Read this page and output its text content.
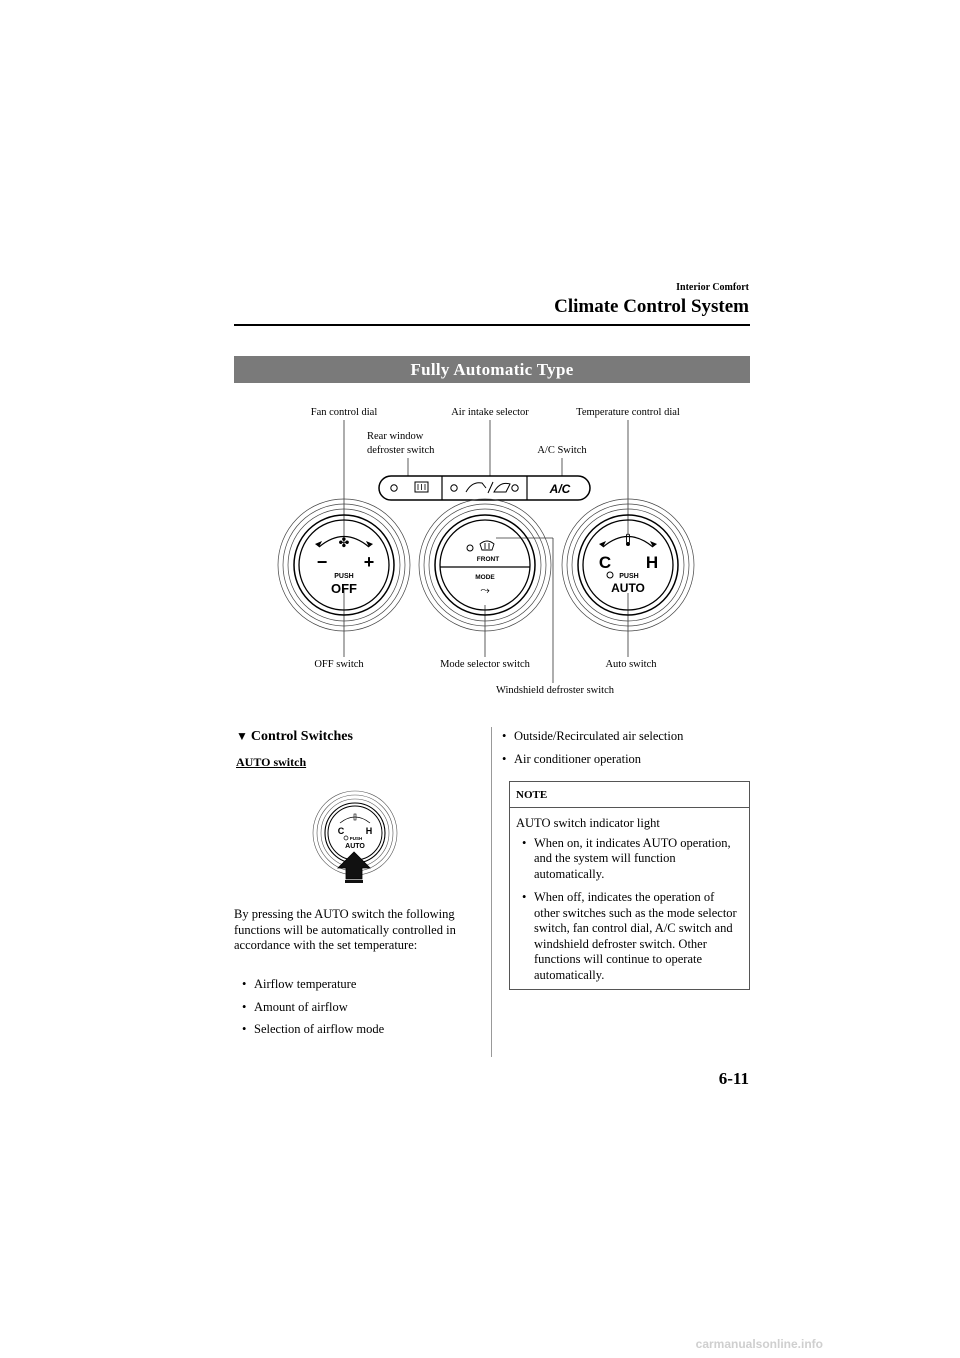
Interior Comfort
Climate Control System
Fully Automatic Type
A/C
✤
− +
PUSH
OFF
FRONT
MODE
⤳
C H
PUSH
AUTO
Fan control dial	Air intake selector	Temperature control dial
Rear window
defroster switch	A/C Switch
OFF switch	Mode selector switch	Auto switch
Windshield defroster switch
▼ Control Switches
AUTO switch
C H
PUSH
AUTO
By pressing the AUTO switch the following functions will be automatically controlled in accordance with the set temperature:
• Airflow temperature
• Amount of airflow
• Selection of airflow mode
• Outside/Recirculated air selection
• Air conditioner operation
NOTE
AUTO switch indicator light
• When on, it indicates AUTO operation, and the system will function automatically.
• When off, indicates the operation of other switches such as the mode selector switch, fan control dial, A/C switch and windshield defroster switch. Other functions will continue to operate automatically.
6-11
carmanualsonline.info
